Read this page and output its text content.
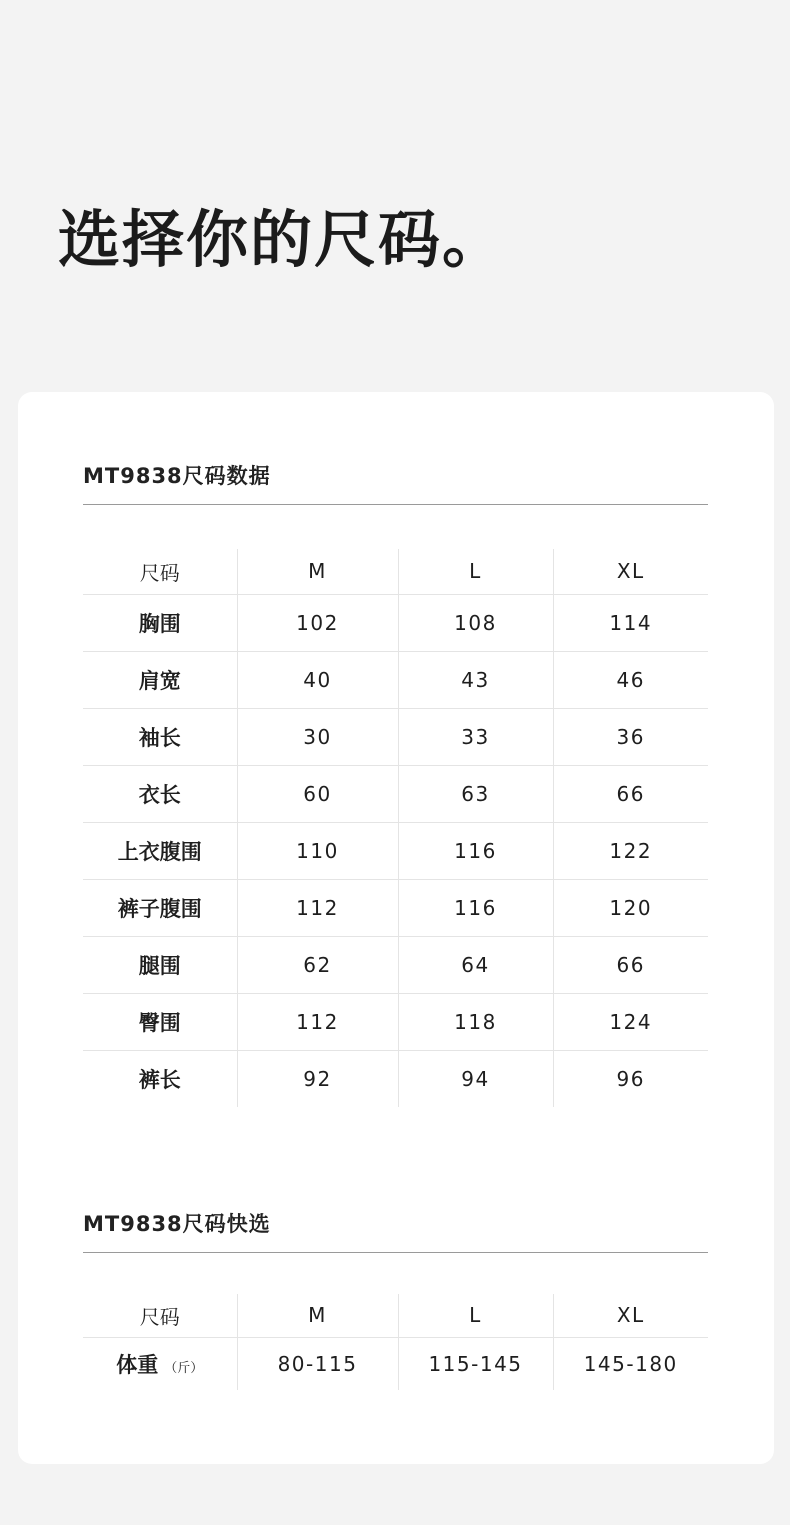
选择你的尺码。
MT9838尺码数据
尺码	M	L	XL
胸围	102	108	114
肩宽	40	43	46
袖长	30	33	36
衣长	60	63	66
上衣腹围	110	116	122
裤子腹围	112	116	120
腿围	62	64	66
臀围	112	118	124
裤长	92	94	96
MT9838尺码快选
尺码	M	L	XL
体重 （斤）	80-115	115-145	145-180
